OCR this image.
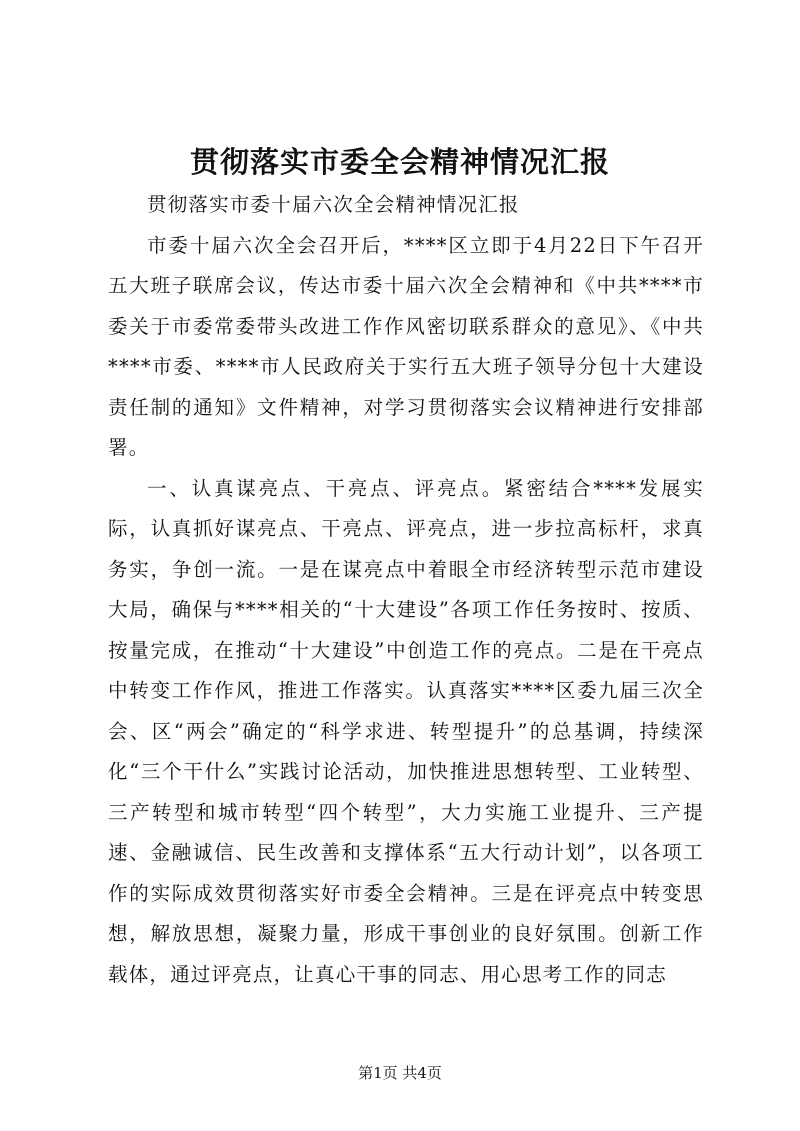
贯彻落实市委全会精神情况汇报

贯彻落实市委十届六次全会精神情况汇报

市委十届六次全会召开后，****区立即于4月22日下午召开五大班子联席会议，传达市委十届六次全会精神和《中共****市委关于市委常委带头改进工作作风密切联系群众的意见》、《中共****市委、****市人民政府关于实行五大班子领导分包十大建设责任制的通知》文件精神，对学习贯彻落实会议精神进行安排部署。

一、认真谋亮点、干亮点、评亮点。紧密结合****发展实际，认真抓好谋亮点、干亮点、评亮点，进一步拉高标杆，求真务实，争创一流。一是在谋亮点中着眼全市经济转型示范市建设大局，确保与****相关的“十大建设”各项工作任务按时、按质、按量完成，在推动“十大建设”中创造工作的亮点。二是在干亮点中转变工作作风，推进工作落实。认真落实****区委九届三次全会、区“两会”确定的“科学求进、转型提升”的总基调，持续深化“三个干什么”实践讨论活动，加快推进思想转型、工业转型、三产转型和城市转型“四个转型”，大力实施工业提升、三产提速、金融诚信、民生改善和支撑体系“五大行动计划”，以各项工作的实际成效贯彻落实好市委全会精神。三是在评亮点中转变思想，解放思想，凝聚力量，形成干事创业的良好氛围。创新工作载体，通过评亮点，让真心干事的同志、用心思考工作的同志

第1页 共4页
